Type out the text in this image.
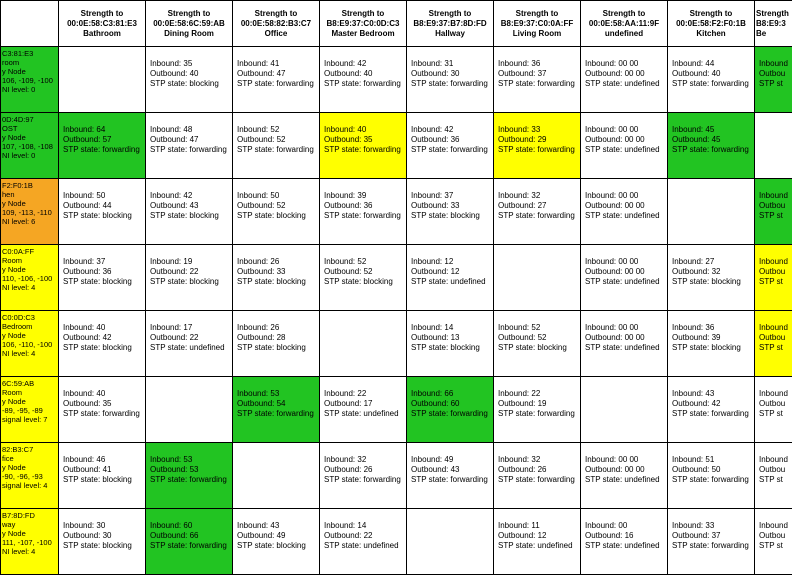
	Strength to
00:0E:58:C3:81:E3
Bathroom	Strength to
00:0E:58:6C:59:AB
Dining Room	Strength to
00:0E:58:82:B3:C7
Office	Strength to
B8:E9:37:C0:0D:C3
Master Bedroom	Strength to
B8:E9:37:B7:8D:FD
Hallway	Strength to
B8:E9:37:C0:0A:FF
Living Room	Strength to
00:0E:58:AA:11:9F
undefined	Strength to
00:0E:58:F2:F0:1B
Kitchen	Strength
B8:E9:3
Be

C3:81:E3
room
y Node
106, -109, -100
NI level: 0		Inbound: 35
Outbound: 40
STP state: blocking	Inbound: 41
Outbound: 47
STP state: forwarding	Inbound: 42
Outbound: 40
STP state: forwarding	Inbound: 31
Outbound: 30
STP state: forwarding	Inbound: 36
Outbound: 37
STP state: forwarding	Inbound: 00 00
Outbound: 00 00
STP state: undefined	Inbound: 44
Outbound: 40
STP state: forwarding	Inbound
Outbou
STP st

0D:4D:97
OST
y Node
107, -108, -108
NI level: 0	Inbound: 64
Outbound: 57
STP state: forwarding	Inbound: 48
Outbound: 47
STP state: forwarding	Inbound: 52
Outbound: 52
STP state: forwarding	Inbound: 40
Outbound: 35
STP state: forwarding	Inbound: 42
Outbound: 36
STP state: forwarding	Inbound: 33
Outbound: 29
STP state: forwarding	Inbound: 00 00
Outbound: 00 00
STP state: undefined	Inbound: 45
Outbound: 45
STP state: forwarding	

F2:F0:1B
hen
y Node
109, -113, -110
NI level: 6	Inbound: 50
Outbound: 44
STP state: blocking	Inbound: 42
Outbound: 43
STP state: blocking	Inbound: 50
Outbound: 52
STP state: blocking	Inbound: 39
Outbound: 36
STP state: forwarding	Inbound: 37
Outbound: 33
STP state: blocking	Inbound: 32
Outbound: 27
STP state: forwarding	Inbound: 00 00
Outbound: 00 00
STP state: undefined		Inbound
Outbou
STP st

C0:0A:FF
Room
y Node
110, -106, -100
NI level: 4	Inbound: 37
Outbound: 36
STP state: blocking	Inbound: 19
Outbound: 22
STP state: blocking	Inbound: 26
Outbound: 33
STP state: blocking	Inbound: 52
Outbound: 52
STP state: blocking	Inbound: 12
Outbound: 12
STP state: undefined		Inbound: 00 00
Outbound: 00 00
STP state: undefined	Inbound: 27
Outbound: 32
STP state: blocking	Inbound
Outbou
STP st

C0:0D:C3
Bedroom
y Node
106, -110, -100
NI level: 4	Inbound: 40
Outbound: 42
STP state: blocking	Inbound: 17
Outbound: 22
STP state: undefined	Inbound: 26
Outbound: 28
STP state: blocking		Inbound: 14
Outbound: 13
STP state: blocking	Inbound: 52
Outbound: 52
STP state: blocking	Inbound: 00 00
Outbound: 00 00
STP state: undefined	Inbound: 36
Outbound: 39
STP state: blocking	Inbound
Outbou
STP st

6C:59:AB
Room
y Node
-89, -95, -89
signal level: 7	Inbound: 40
Outbound: 35
STP state: forwarding		Inbound: 53
Outbound: 54
STP state: forwarding	Inbound: 22
Outbound: 17
STP state: undefined	Inbound: 66
Outbound: 60
STP state: forwarding	Inbound: 22
Outbound: 19
STP state: forwarding		Inbound: 43
Outbound: 42
STP state: forwarding	Inbound
Outbou
STP st

82:B3:C7
fice
y Node
-90, -96, -93
signal level: 4	Inbound: 46
Outbound: 41
STP state: blocking	Inbound: 53
Outbound: 53
STP state: forwarding		Inbound: 32
Outbound: 26
STP state: forwarding	Inbound: 49
Outbound: 43
STP state: forwarding	Inbound: 32
Outbound: 26
STP state: forwarding	Inbound: 00 00
Outbound: 00 00
STP state: undefined	Inbound: 51
Outbound: 50
STP state: forwarding	Inbound
Outbou
STP st

B7:8D:FD
way
y Node
111, -107, -100
NI level: 4	Inbound: 30
Outbound: 30
STP state: blocking	Inbound: 60
Outbound: 66
STP state: forwarding	Inbound: 43
Outbound: 49
STP state: blocking	Inbound: 14
Outbound: 22
STP state: undefined		Inbound: 11
Outbound: 12
STP state: undefined	Inbound: 00
Outbound: 16
STP state: undefined	Inbound: 33
Outbound: 37
STP state: forwarding	Inbound
Outbou
STP st
